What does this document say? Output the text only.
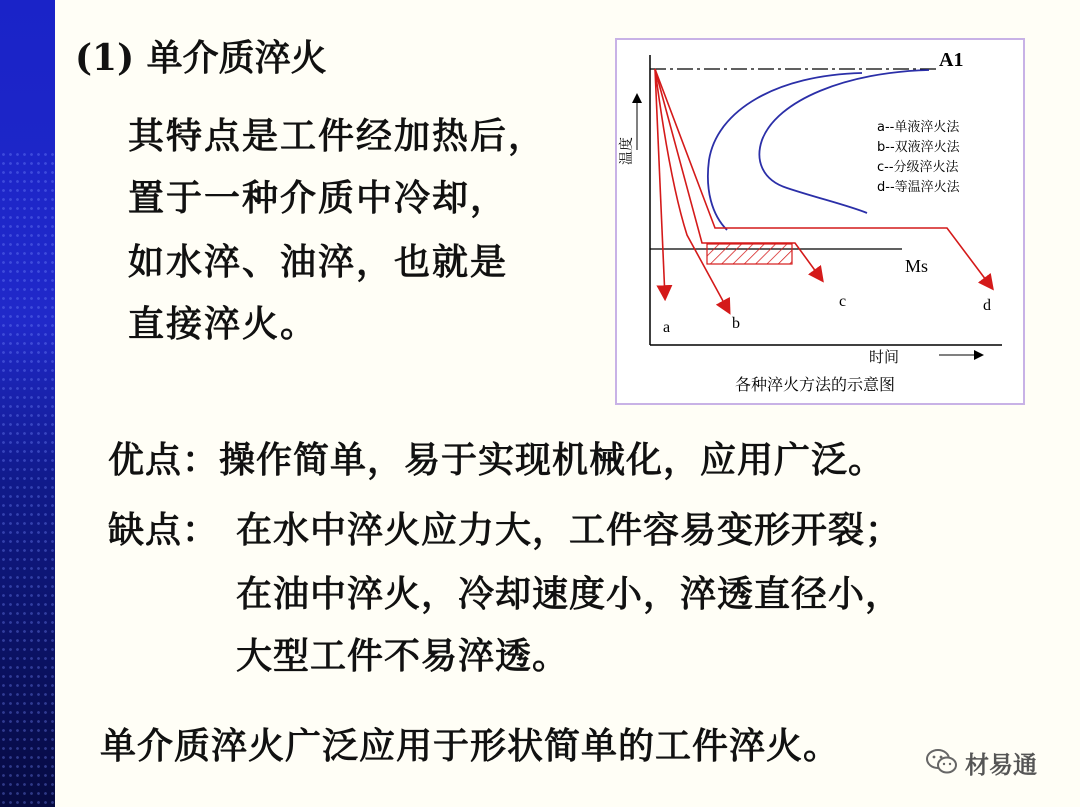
(1) 单介质淬火
其特点是工件经加热后，
置于一种介质中冷却，
如水淬、油淬，也就是
直接淬火。
A1
Ms
a--单液淬火法
b--双液淬火法
c--分级淬火法
d--等温淬火法
a	b
c	d
温度
时间
各种淬火方法的示意图
优点：操作简单，易于实现机械化，应用广泛。
缺点： 在水中淬火应力大，工件容易变形开裂；
在油中淬火，冷却速度小，淬透直径小，
大型工件不易淬透。
单介质淬火广泛应用于形状简单的工件淬火。	材易通
